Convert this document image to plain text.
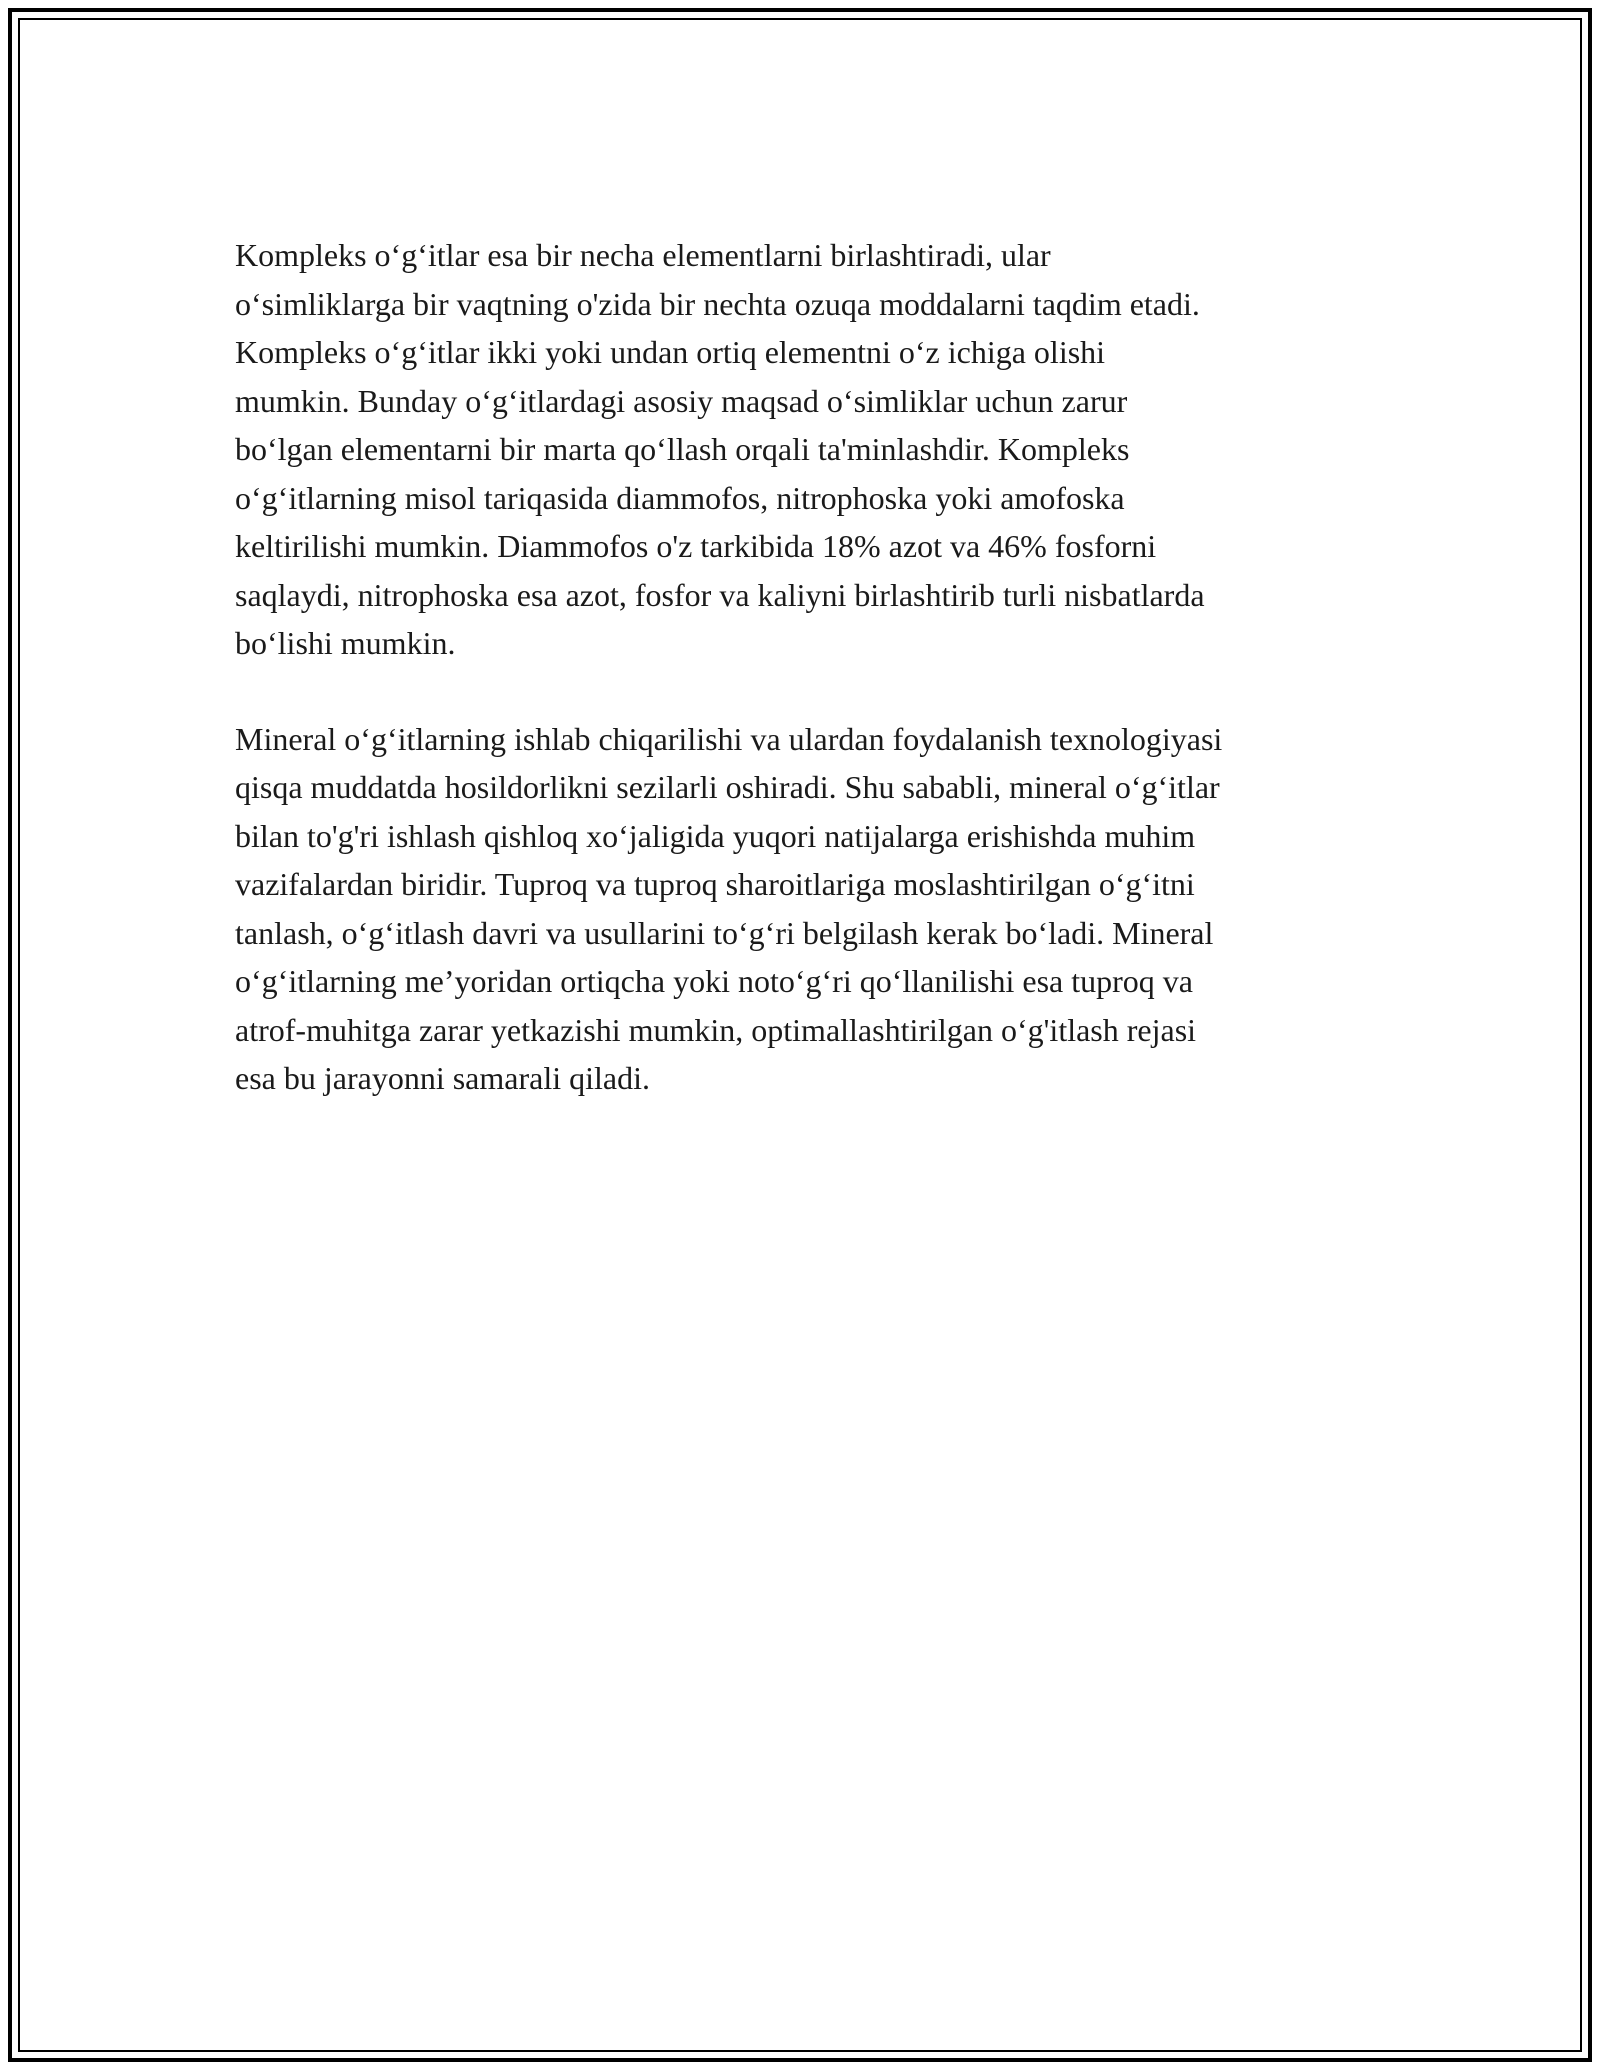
Kompleks o‘g‘itlar esa bir necha elementlarni birlashtiradi, ular
o‘simliklarga bir vaqtning o'zida bir nechta ozuqa moddalarni taqdim etadi.
Kompleks o‘g‘itlar ikki yoki undan ortiq elementni o‘z ichiga olishi
mumkin. Bunday o‘g‘itlardagi asosiy maqsad o‘simliklar uchun zarur
bo‘lgan elementarni bir marta qo‘llash orqali ta'minlashdir. Kompleks
o‘g‘itlarning misol tariqasida diammofos, nitrophoska yoki amofoska
keltirilishi mumkin. Diammofos o'z tarkibida 18% azot va 46% fosforni
saqlaydi, nitrophoska esa azot, fosfor va kaliyni birlashtirib turli nisbatlarda
bo‘lishi mumkin.

Mineral o‘g‘itlarning ishlab chiqarilishi va ulardan foydalanish texnologiyasi
qisqa muddatda hosildorlikni sezilarli oshiradi. Shu sababli, mineral o‘g‘itlar
bilan to'g'ri ishlash qishloq xo‘jaligida yuqori natijalarga erishishda muhim
vazifalardan biridir. Tuproq va tuproq sharoitlariga moslashtirilgan o‘g‘itni
tanlash, o‘g‘itlash davri va usullarini to‘g‘ri belgilash kerak bo‘ladi. Mineral
o‘g‘itlarning me’yoridan ortiqcha yoki noto‘g‘ri qo‘llanilishi esa tuproq va
atrof-muhitga zarar yetkazishi mumkin, optimallashtirilgan o‘g'itlash rejasi
esa bu jarayonni samarali qiladi.
